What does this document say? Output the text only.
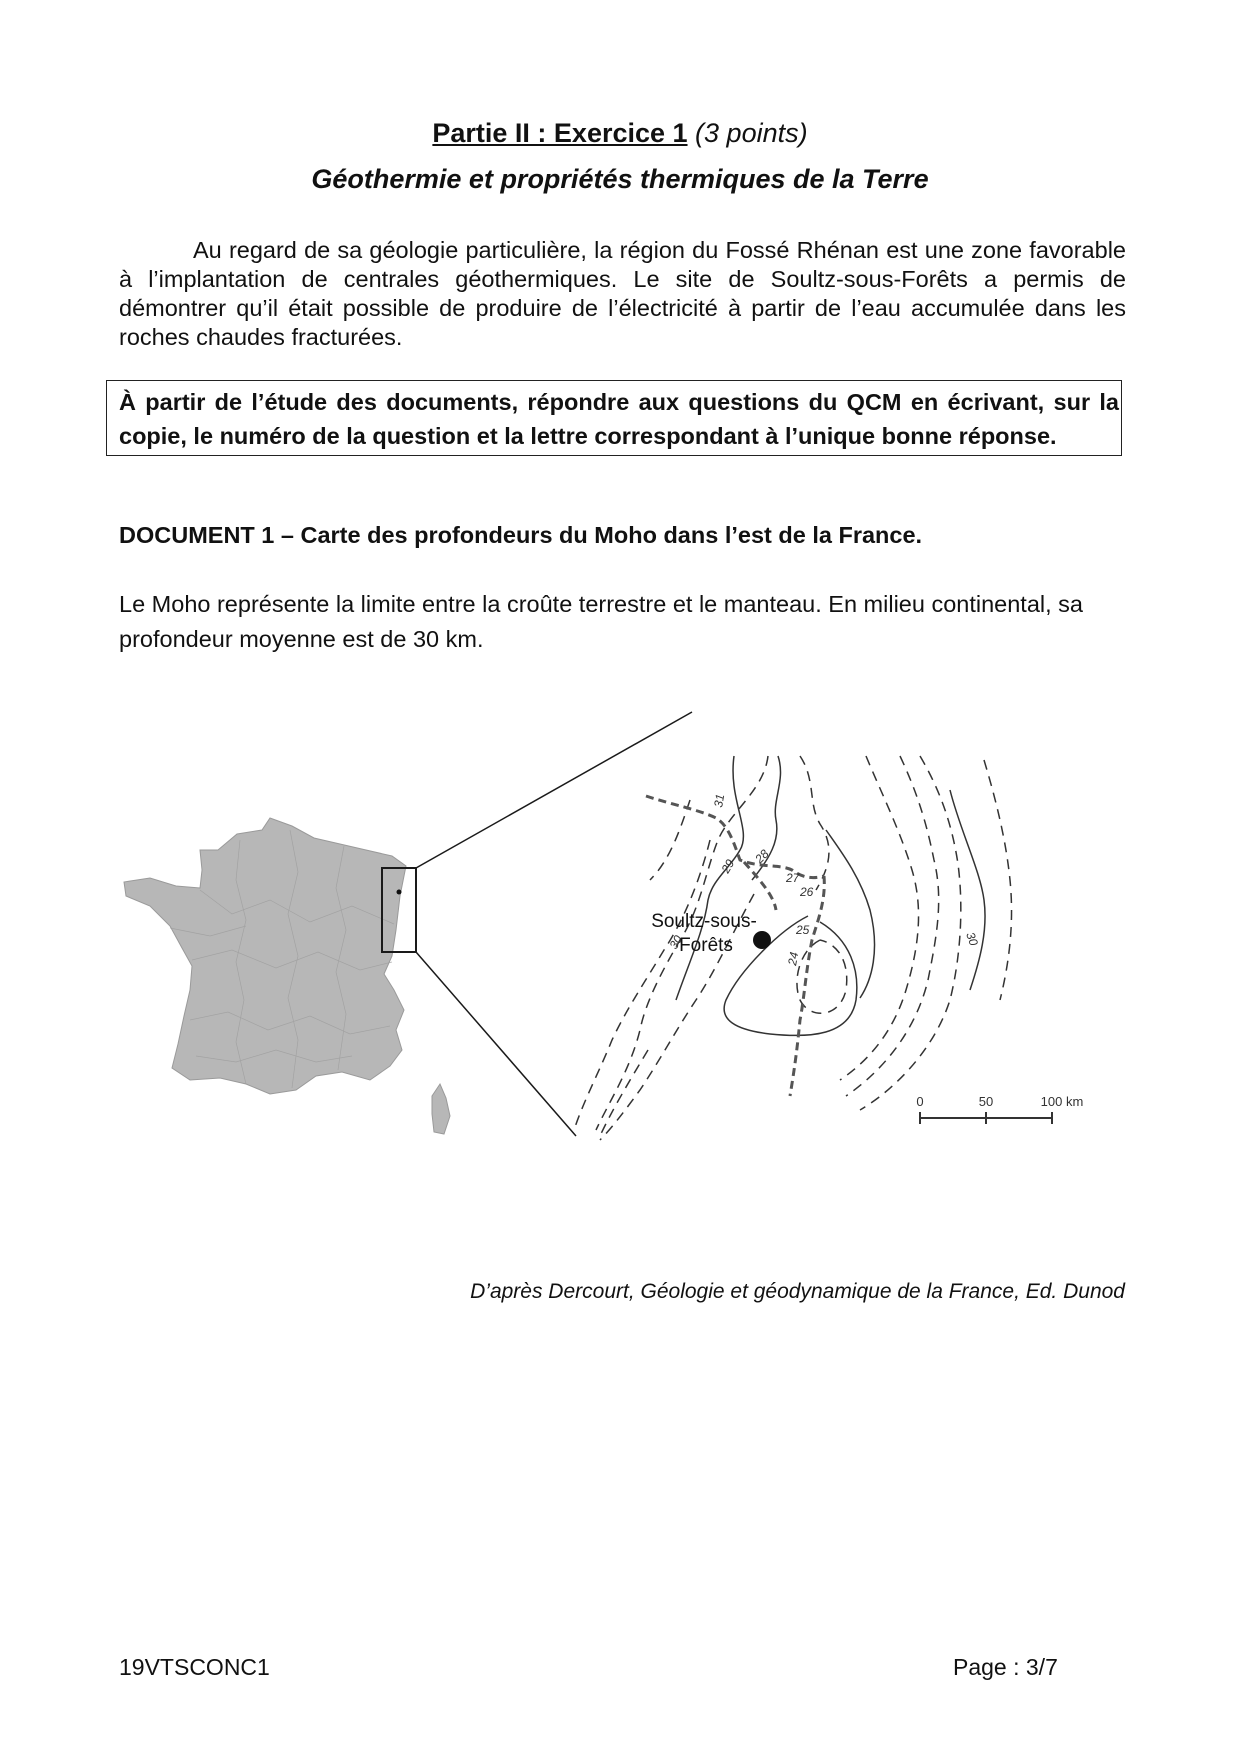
Partie II : Exercice 1 (3 points)
Géothermie et propriétés thermiques de la Terre
Au regard de sa géologie particulière, la région du Fossé Rhénan est une zone favorable à l’implantation de centrales géothermiques. Le site de Soultz-sous-Forêts a permis de démontrer qu’il était possible de produire de l’électricité à partir de l’eau accumulée dans les roches chaudes fracturées.
À partir de l’étude des documents, répondre aux questions du QCM en écrivant, sur la copie, le numéro de la question et la lettre correspondant à l’unique bonne réponse.
DOCUMENT 1 – Carte des profondeurs du Moho dans l’est de la France.
Le Moho représente la limite entre la croûte terrestre et le manteau. En milieu continental, sa profondeur moyenne est de 30 km.
31
29
28
27
26
25
24
30	30
Soultz-sous-
Forêts
0	50	100 km
D’après Dercourt, Géologie et géodynamique de la France, Ed. Dunod
19VTSCONC1	Page : 3/7
